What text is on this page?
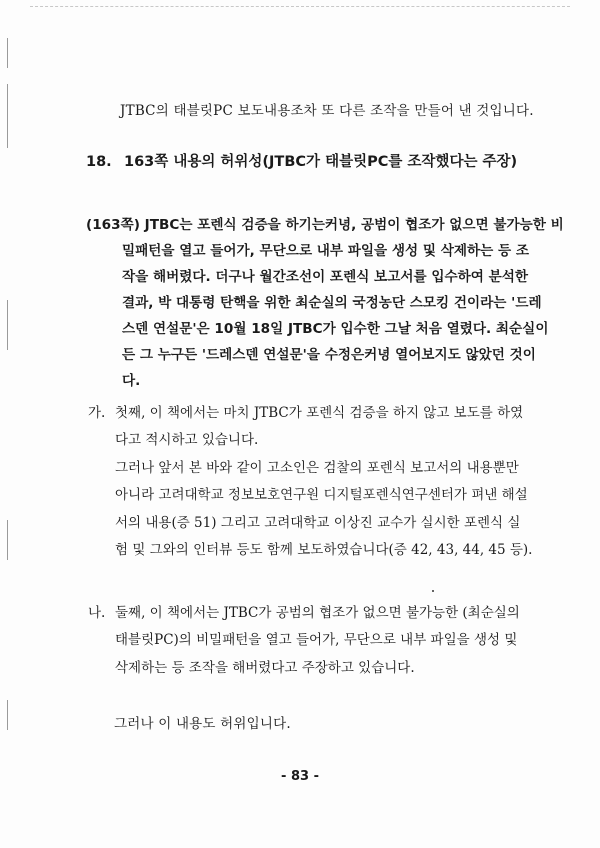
JTBC의 태블릿PC 보도내용조차 또 다른 조작을 만들어 낸 것입니다.
18. 163쪽 내용의 허위성(JTBC가 태블릿PC를 조작했다는 주장)
(163쪽) JTBC는 포렌식 검증을 하기는커녕, 공범이 협조가 없으면 불가능한 비
밀패턴을 열고 들어가, 무단으로 내부 파일을 생성 및 삭제하는 등 조
작을 해버렸다. 더구나 월간조선이 포렌식 보고서를 입수하여 분석한
결과, 박 대통령 탄핵을 위한 최순실의 국정농단 스모킹 건이라는 '드레
스덴 연설문'은 10월 18일 JTBC가 입수한 그날 처음 열렸다. 최순실이
든 그 누구든 '드레스덴 연설문'을 수정은커녕 열어보지도 않았던 것이
다.
가. 첫째, 이 책에서는 마치 JTBC가 포렌식 검증을 하지 않고 보도를 하였
다고 적시하고 있습니다.
그러나 앞서 본 바와 같이 고소인은 검찰의 포렌식 보고서의 내용뿐만
아니라 고려대학교 정보보호연구원 디지털포렌식연구센터가 펴낸 해설
서의 내용(증 51) 그리고 고려대학교 이상진 교수가 실시한 포렌식 실
험 및 그와의 인터뷰 등도 함께 보도하였습니다(증 42, 43, 44, 45 등).
나. 둘째, 이 책에서는 JTBC가 공범의 협조가 없으면 불가능한 (최순실의
태블릿PC)의 비밀패턴을 열고 들어가, 무단으로 내부 파일을 생성 및
삭제하는 등 조작을 해버렸다고 주장하고 있습니다.
그러나 이 내용도 허위입니다.
- 83 -
